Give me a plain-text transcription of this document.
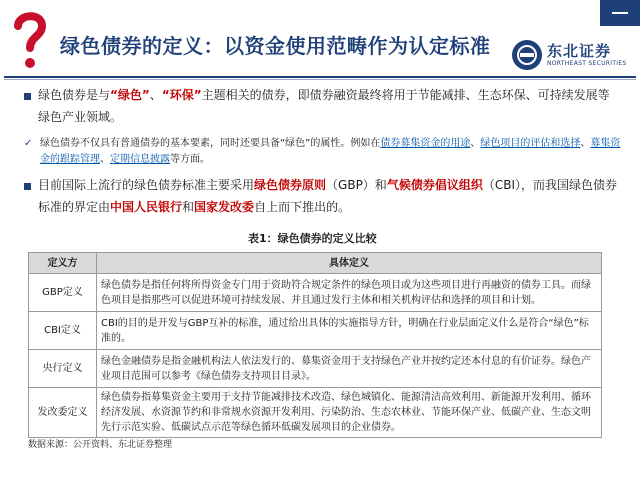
绿色债券的定义：以资金使用范畴作为认定标准	东北证券
NORTHEAST SECURITIES
绿色债券是与“绿色”、“环保”主题相关的债券，即债券融资最终将用于节能减排、生态环保、可持续发展等绿色产业领域。
✓ 绿色债券不仅具有普通债券的基本要素，同时还要具备“绿色”的属性。例如在债券募集资金的用途、绿色项目的评估和选择、募集资金的跟踪管理、定期信息披露等方面。
目前国际上流行的绿色债券标准主要采用绿色债券原则（GBP）和气候债券倡议组织（CBI），而我国绿色债券标准的界定由中国人民银行和国家发改委自上而下推出的。
表1：绿色债券的定义比较
定义方	具体定义
GBP定义	绿色债券是指任何将所得资金专门用于资助符合规定条件的绿色项目或为这些项目进行再融资的债券工具。而绿色项目是指那些可以促进环境可持续发展、并且通过发行主体和相关机构评估和选择的项目和计划。
CBI定义	CBI的目的是开发与GBP互补的标准，通过给出具体的实施指导方针，明确在行业层面定义什么是符合“绿色”标准的。
央行定义	绿色金融债券是指金融机构法人依法发行的、募集资金用于支持绿色产业并按约定还本付息的有价证券。绿色产业项目范围可以参考《绿色债券支持项目目录》。
发改委定义	绿色债券指募集资金主要用于支持节能减排技术改造、绿色城镇化、能源清洁高效利用、新能源开发利用、循环经济发展、水资源节约和非常规水资源开发利用、污染防治、生态农林业、节能环保产业、低碳产业、生态文明先行示范实验、低碳试点示范等绿色循环低碳发展项目的企业债券。
数据来源：公开资料、东北证券整理
